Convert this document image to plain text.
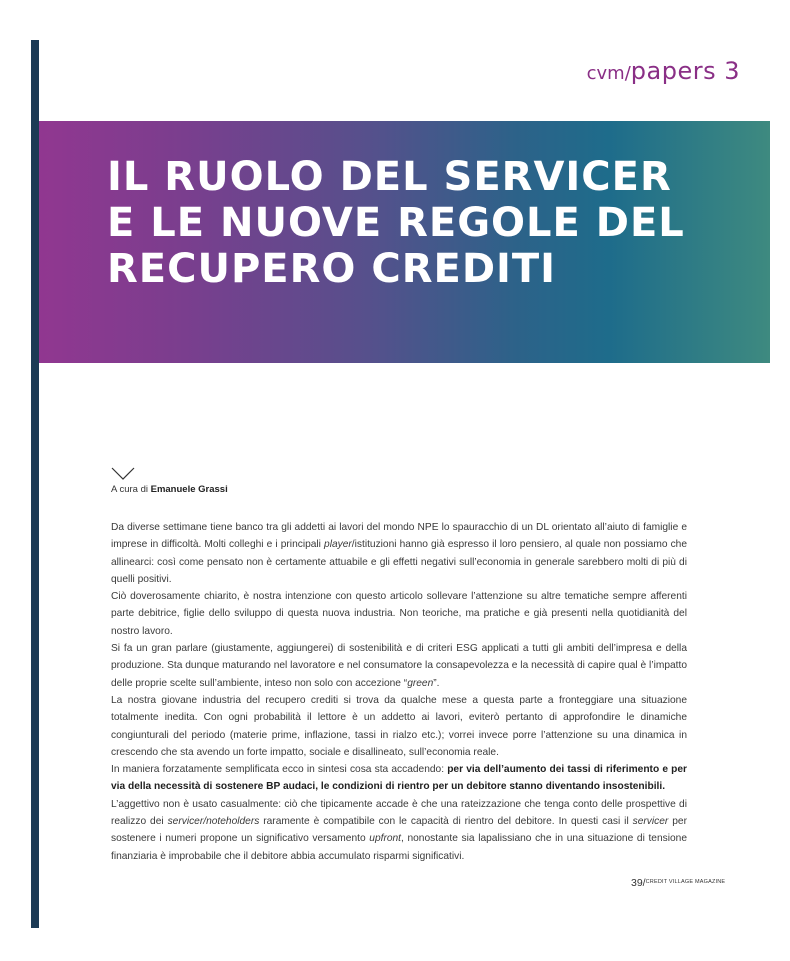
cvm/papers 3
IL RUOLO DEL SERVICER
E LE NUOVE REGOLE DEL
RECUPERO CREDITI
A cura di Emanuele Grassi

Da diverse settimane tiene banco tra gli addetti ai lavori del mondo NPE lo spauracchio di un DL orientato all’aiuto di famiglie e imprese in difficoltà. Molti colleghi e i principali player/istituzioni hanno già espresso il loro pensiero, al quale non possiamo che allinearci: così come pensato non è certamente attuabile e gli effetti negativi sull’economia in generale sarebbero molti di più di quelli positivi.

Ciò doverosamente chiarito, è nostra intenzione con questo articolo sollevare l’attenzione su altre tematiche sempre afferenti parte debitrice, figlie dello sviluppo di questa nuova industria. Non teoriche, ma pratiche e già presenti nella quotidianità del nostro lavoro.

Si fa un gran parlare (giustamente, aggiungerei) di sostenibilità e di criteri ESG applicati a tutti gli ambiti dell’impresa e della produzione. Sta dunque maturando nel lavoratore e nel consumatore la consapevolezza e la necessità di capire qual è l’impatto delle proprie scelte sull’ambiente, inteso non solo con accezione “green”.

La nostra giovane industria del recupero crediti si trova da qualche mese a questa parte a fronteggiare una situazione totalmente inedita. Con ogni probabilità il lettore è un addetto ai lavori, eviterò pertanto di approfondire le dinamiche congiunturali del periodo (materie prime, inflazione, tassi in rialzo etc.); vorrei invece porre l’attenzione su una dinamica in crescendo che sta avendo un forte impatto, sociale e disallineato, sull’economia reale.

In maniera forzatamente semplificata ecco in sintesi cosa sta accadendo: per via dell’aumento dei tassi di riferimento e per via della necessità di sostenere BP audaci, le condizioni di rientro per un debitore stanno diventando insostenibili.

L’aggettivo non è usato casualmente: ciò che tipicamente accade è che una rateizzazione che tenga conto delle prospettive di realizzo dei servicer/noteholders raramente è compatibile con le capacità di rientro del debitore. In questi casi il servicer per sostenere i numeri propone un significativo versamento upfront, nonostante sia lapalissiano che in una situazione di tensione finanziaria è improbabile che il debitore abbia accumulato risparmi significativi.

39/CREDIT VILLAGE MAGAZINE
